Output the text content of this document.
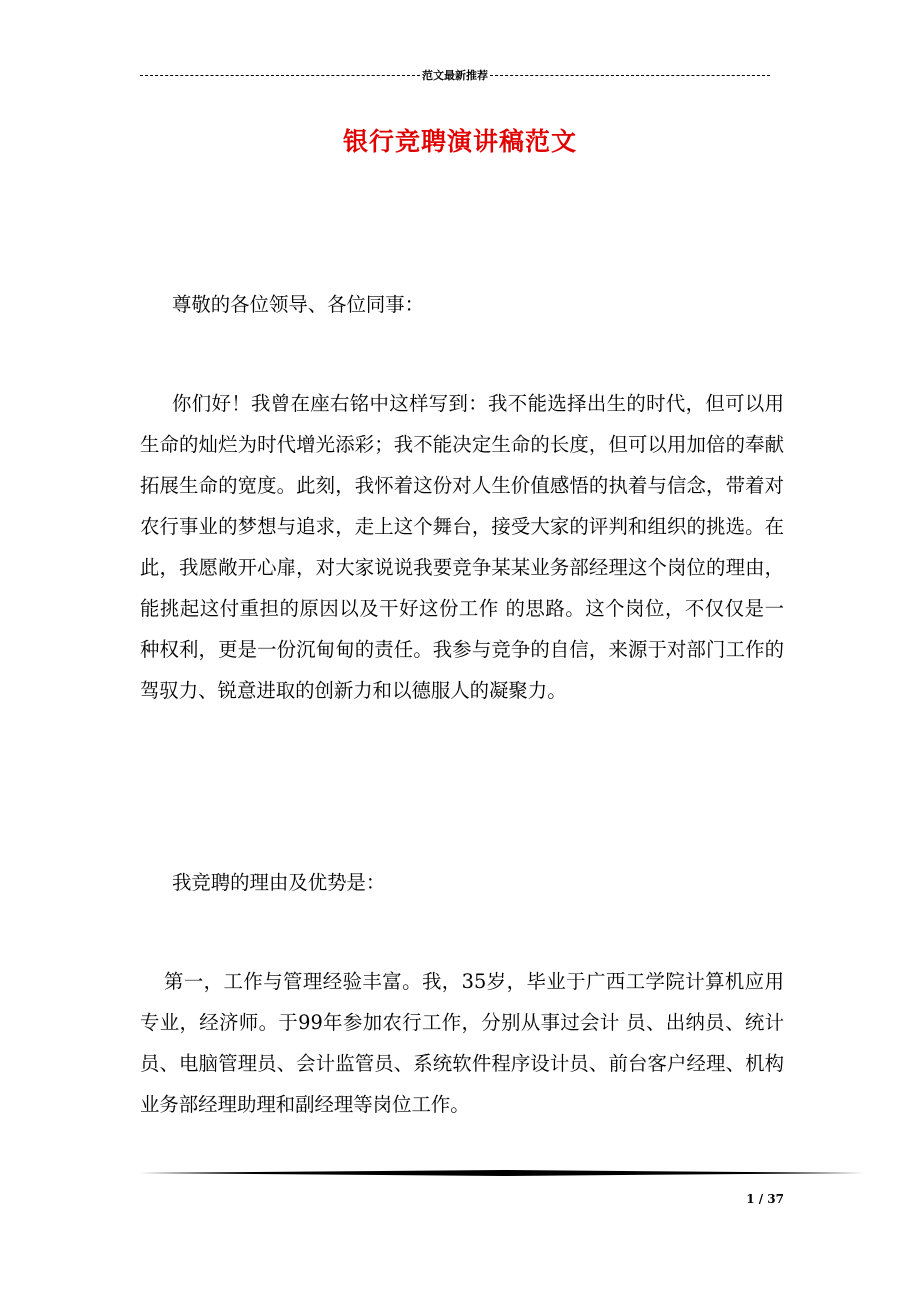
范文最新推荐
银行竞聘演讲稿范文

尊敬的各位领导、各位同事：

你们好！我曾在座右铭中这样写到：我不能选择出生的时代，但可以用生命的灿烂为时代增光添彩；我不能决定生命的长度，但可以用加倍的奉献拓展生命的宽度。此刻，我怀着这份对人生价值感悟的执着与信念，带着对农行事业的梦想与追求，走上这个舞台，接受大家的评判和组织的挑选。在此，我愿敞开心扉，对大家说说我要竞争某某业务部经理这个岗位的理由，能挑起这付重担的原因以及干好这份工作 的思路。这个岗位，不仅仅是一种权利，更是一份沉甸甸的责任。我参与竞争的自信，来源于对部门工作的驾驭力、锐意进取的创新力和以德服人的凝聚力。

我竞聘的理由及优势是：

第一，工作与管理经验丰富。我，35岁，毕业于广西工学院计算机应用专业，经济师。于99年参加农行工作，分别从事过会计 员、出纳员、统计员、电脑管理员、会计监管员、系统软件程序设计员、前台客户经理、机构业务部经理助理和副经理等岗位工作。

1 / 37
